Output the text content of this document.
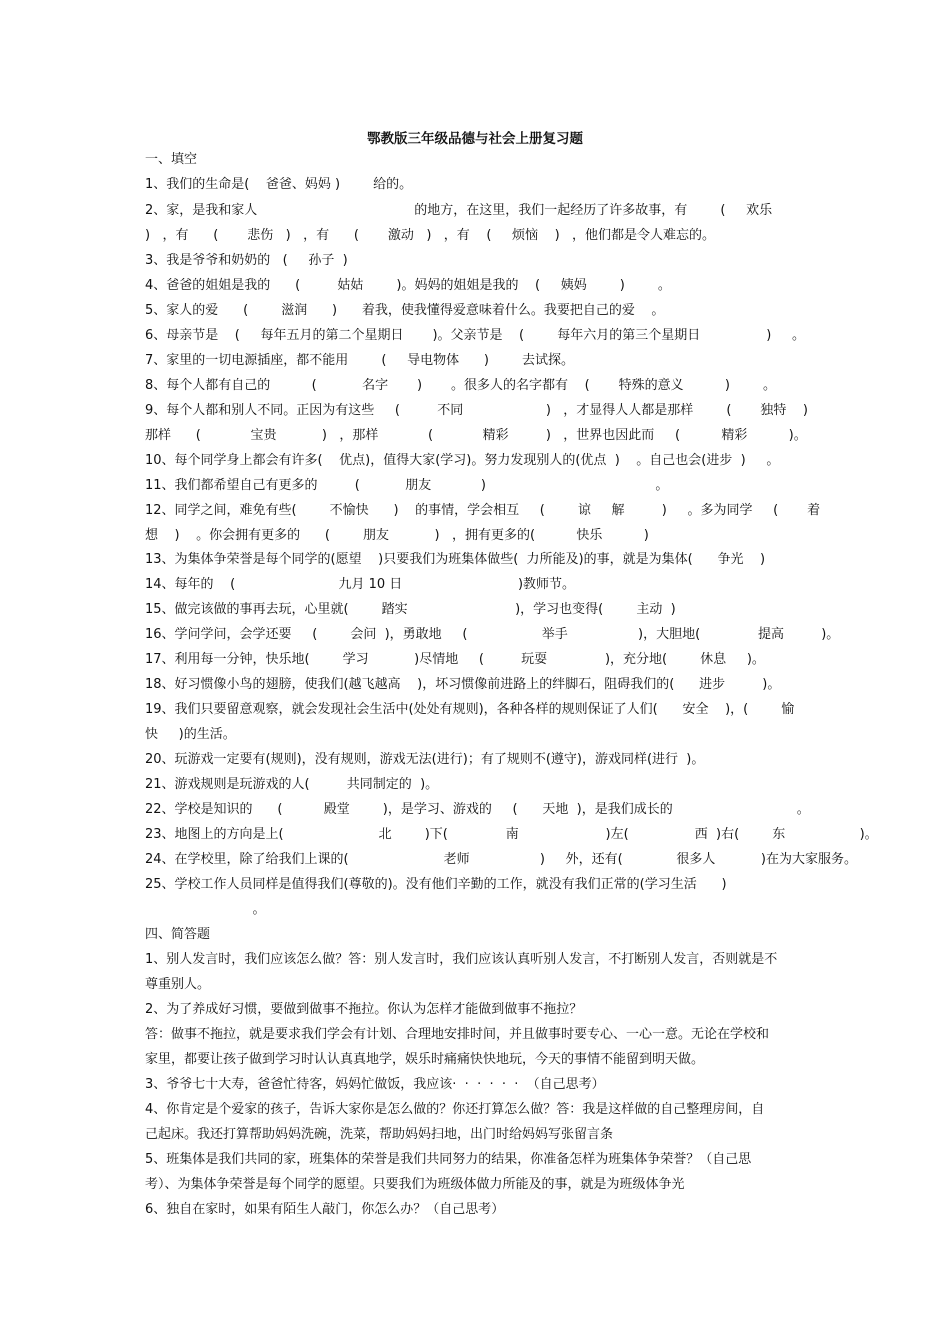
鄂教版三年级品德与社会上册复习题
一、填空
1、我们的生命是(    爸爸、妈妈 )        给的。
2、家，是我和家人                                      的地方，在这里，我们一起经历了许多故事，有        (     欢乐
)   ，有      (       悲伤   )   ，有      (       激动   )   ，有    (     烦恼    )   ，他们都是令人难忘的。
3、我是爷爷和奶奶的   (     孙子  )
4、爸爸的姐姐是我的      (         姑姑        )。妈妈的姐姐是我的    (     姨妈        )        。
5、家人的爱      (        滋润      )      着我，使我懂得爱意味着什么。我要把自己的爱    。
6、母亲节是    (     每年五月的第二个星期日       )。父亲节是    (        每年六月的第三个星期日                )     。
7、家里的一切电源插座，都不能用        (     导电物体      )        去试探。
8、每个人都有自己的          (           名字       )       。很多人的名字都有    (       特殊的意义          )        。
9、每个人都和别人不同。正因为有这些     (         不同                    )   ，才显得人人都是那样        (       独特    )
那样      (            宝贵           )   ，那样            (            精彩         )   ，世界也因此而     (          精彩          )。
10、每个同学身上都会有许多(    优点)，值得大家(学习)。努力发现别人的(优点  )    。自己也会(进步  )     。
11、我们都希望自己有更多的         (           朋友            )                                         。
12、同学之间，难免有些(        不愉快      )    的事情，学会相互     (        谅     解         )     。多为同学     (       着
想    )    。你会拥有更多的      (        朋友           )   ，拥有更多的(          快乐          )
13、为集体争荣誉是每个同学的(愿望    )只要我们为班集体做些(  力所能及)的事，就是为集体(      争光    )
14、每年的    (                         九月 10 日                            )教师节。
15、做完该做的事再去玩，心里就(        踏实                          )，学习也变得(        主动  )
16、学问学问，会学还要     (        会问  )，勇敢地     (                  举手                 )，大胆地(              提高         )。
17、利用每一分钟，快乐地(        学习           )尽情地     (         玩耍              )，充分地(        休息     )。
18、好习惯像小鸟的翅膀，使我们(越飞越高    )，坏习惯像前进路上的绊脚石，阻碍我们的(      进步         )。
19、我们只要留意观察，就会发现社会生活中(处处有规则)，各种各样的规则保证了人们(      安全    )，(        愉
快     )的生活。
20、玩游戏一定要有(规则)，没有规则，游戏无法(进行)；有了规则不(遵守)，游戏同样(进行  )。
21、游戏规则是玩游戏的人(         共同制定的  )。
22、学校是知识的      (          殿堂        )，是学习、游戏的     (      天地  )，是我们成长的                              。
23、地图上的方向是上(                       北        )下(              南                     )左(                西  )右(        东                  )。
24、在学校里，除了给我们上课的(                       老师                 )     外，还有(             很多人           )在为大家服务。
25、学校工作人员同样是值得我们(尊敬的)。没有他们辛勤的工作，就没有我们正常的(学习生活      )
。
四、简答题
1、别人发言时，我们应该怎么做？答：别人发言时，我们应该认真听别人发言，不打断别人发言，否则就是不
尊重别人。
2、为了养成好习惯，要做到做事不拖拉。你认为怎样才能做到做事不拖拉？
答：做事不拖拉，就是要求我们学会有计划、合理地安排时间，并且做事时要专心、一心一意。无论在学校和
家里，都要让孩子做到学习时认认真真地学，娱乐时痛痛快快地玩，今天的事情不能留到明天做。
3、爷爷七十大寿，爸爸忙待客，妈妈忙做饭，我应该·  ·  ·  ·  ·  ·  （自己思考）
4、你肯定是个爱家的孩子，告诉大家你是怎么做的？你还打算怎么做？答：我是这样做的自己整理房间，自
己起床。我还打算帮助妈妈洗碗，洗菜，帮助妈妈扫地，出门时给妈妈写张留言条
5、班集体是我们共同的家，班集体的荣誉是我们共同努力的结果，你准备怎样为班集体争荣誉？（自己思
考）、为集体争荣誉是每个同学的愿望。只要我们为班级体做力所能及的事，就是为班级体争光
6、独自在家时，如果有陌生人敲门，你怎么办？（自己思考）
